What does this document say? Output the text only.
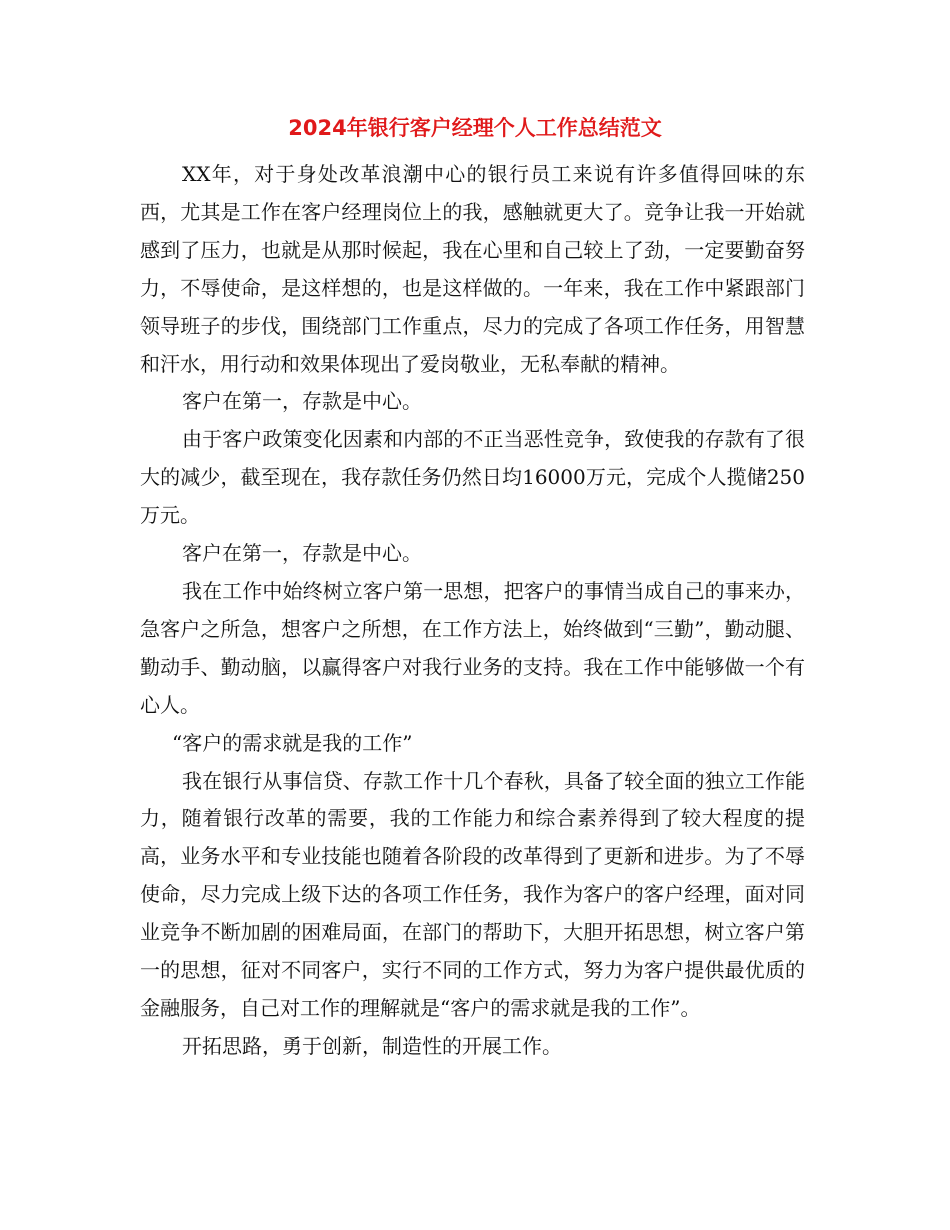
2024年银行客户经理个人工作总结范文

XX年，对于身处改革浪潮中心的银行员工来说有许多值得回味的东西，尤其是工作在客户经理岗位上的我，感触就更大了。竞争让我一开始就感到了压力，也就是从那时候起，我在心里和自己较上了劲，一定要勤奋努力，不辱使命，是这样想的，也是这样做的。一年来，我在工作中紧跟部门领导班子的步伐，围绕部门工作重点，尽力的完成了各项工作任务，用智慧和汗水，用行动和效果体现出了爱岗敬业，无私奉献的精神。

客户在第一，存款是中心。

由于客户政策变化因素和内部的不正当恶性竞争，致使我的存款有了很大的减少，截至现在，我存款任务仍然日均16000万元，完成个人揽储250万元。

客户在第一，存款是中心。

我在工作中始终树立客户第一思想，把客户的事情当成自己的事来办，急客户之所急，想客户之所想，在工作方法上，始终做到“三勤”，勤动腿、勤动手、勤动脑，以赢得客户对我行业务的支持。我在工作中能够做一个有心人。

“客户的需求就是我的工作”

我在银行从事信贷、存款工作十几个春秋，具备了较全面的独立工作能力，随着银行改革的需要，我的工作能力和综合素养得到了较大程度的提高，业务水平和专业技能也随着各阶段的改革得到了更新和进步。为了不辱使命，尽力完成上级下达的各项工作任务，我作为客户的客户经理，面对同业竞争不断加剧的困难局面，在部门的帮助下，大胆开拓思想，树立客户第一的思想，征对不同客户，实行不同的工作方式，努力为客户提供最优质的金融服务，自己对工作的理解就是“客户的需求就是我的工作”。

开拓思路，勇于创新，制造性的开展工作。
